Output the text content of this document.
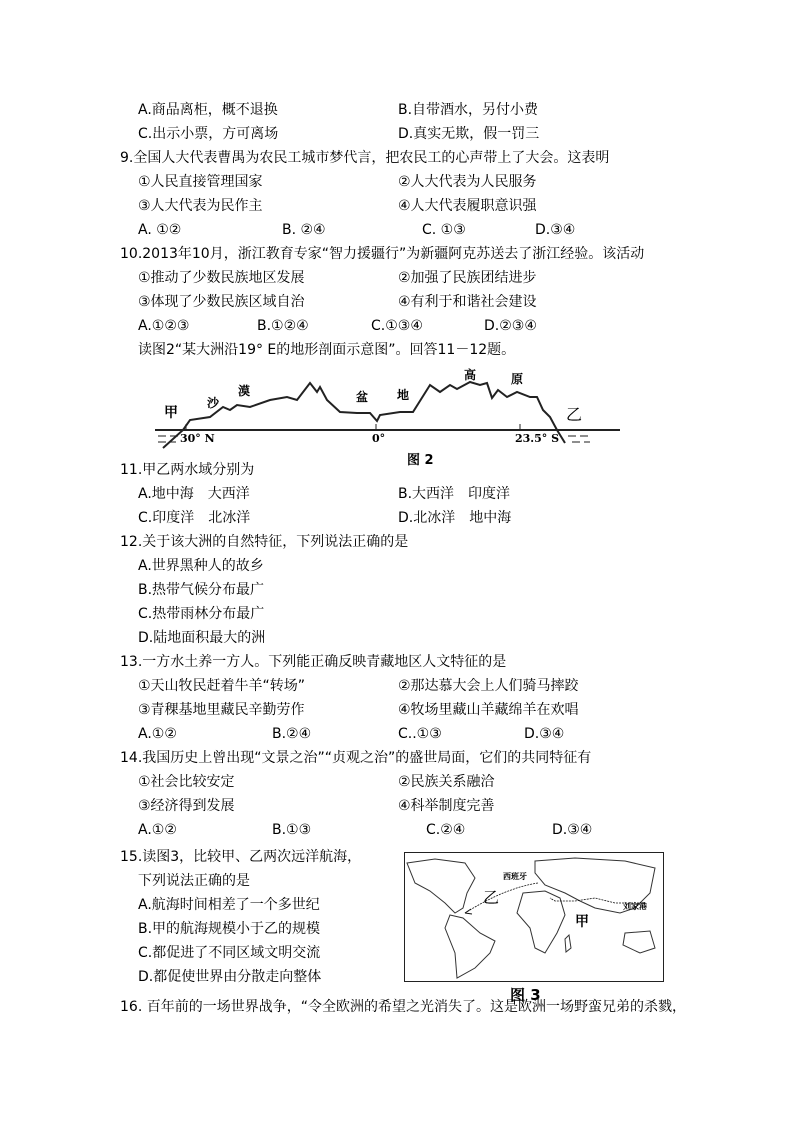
A.商品离柜，概不退换	B.自带酒水，另付小费
C.出示小票，方可离场	D.真实无欺，假一罚三
9.全国人大代表曹禺为农民工城市梦代言，把农民工的心声带上了大会。这表明
①人民直接管理国家	②人大代表为人民服务
③人大代表为民作主	④人大代表履职意识强
A. ①②	B. ②④	C. ①③	D.③④
10.2013年10月，浙江教育专家“智力援疆行”为新疆阿克苏送去了浙江经验。该活动
①推动了少数民族地区发展	②加强了民族团结进步
③体现了少数民族区域自治	④有利于和谐社会建设
A.①②③	B.①②④	C.①③④	D.②③④
读图2“某大洲沿19° E的地形剖面示意图”。回答11－12题。
甲
沙
漠	盆 地
高	原
乙
30° N	0°	23.5° S
图 2
11.甲乙两水域分别为
A.地中海　大西洋	B.大西洋　印度洋
C.印度洋　北冰洋	D.北冰洋　地中海
12.关于该大洲的自然特征，下列说法正确的是
A.世界黑种人的故乡
B.热带气候分布最广
C.热带雨林分布最广
D.陆地面积最大的洲
13.一方水土养一方人。下列能正确反映青藏地区人文特征的是
①天山牧民赶着牛羊“转场”	②那达慕大会上人们骑马摔跤
③青稞基地里藏民辛勤劳作	④牧场里藏山羊藏绵羊在欢唱
A.①②	B.②④	C..①③	D.③④
14.我国历史上曾出现“文景之治”“贞观之治”的盛世局面，它们的共同特征有
①社会比较安定	②民族关系融洽
③经济得到发展	④科举制度完善
A.①②	B.①③	C.②④	D.③④
15.读图3，比较甲、乙两次远洋航海，
下列说法正确的是
A.航海时间相差了一个多世纪
B.甲的航海规模小于乙的规模
C.都促进了不同区域文明交流
D.都促使世界由分散走向整体
西班牙
刘家港
乙
甲
图 3
16. 百年前的一场世界战争，“令全欧洲的希望之光消失了。这是欧洲一场野蛮兄弟的杀戮，
